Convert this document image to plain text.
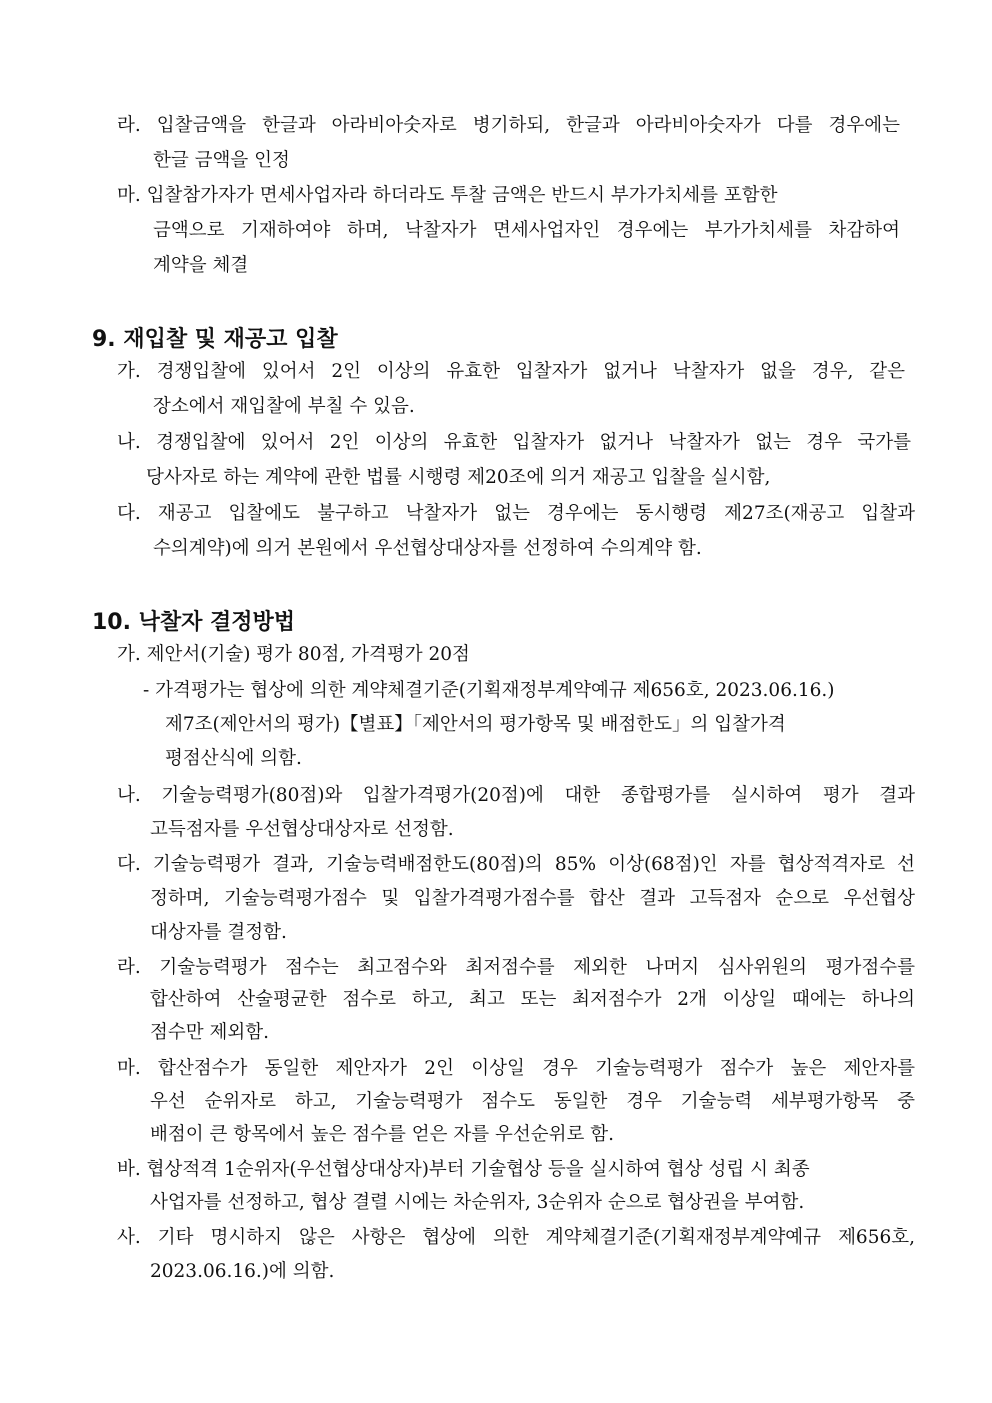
라. 입찰금액을 한글과 아라비아숫자로 병기하되, 한글과 아라비아숫자가 다를 경우에는
한글 금액을 인정
마. 입찰참가자가 면세사업자라 하더라도 투찰 금액은 반드시 부가가치세를 포함한
금액으로 기재하여야 하며, 낙찰자가 면세사업자인 경우에는 부가가치세를 차감하여
계약을 체결
9. 재입찰 및 재공고 입찰
가. 경쟁입찰에 있어서 2인 이상의 유효한 입찰자가 없거나 낙찰자가 없을 경우, 같은
장소에서 재입찰에 부칠 수 있음.
나. 경쟁입찰에 있어서 2인 이상의 유효한 입찰자가 없거나 낙찰자가 없는 경우 국가를
당사자로 하는 계약에 관한 법률 시행령 제20조에 의거 재공고 입찰을 실시함,
다. 재공고 입찰에도 불구하고 낙찰자가 없는 경우에는 동시행령 제27조(재공고 입찰과
수의계약)에 의거 본원에서 우선협상대상자를 선정하여 수의계약 함.
10. 낙찰자 결정방법
가. 제안서(기술) 평가 80점, 가격평가 20점
- 가격평가는 협상에 의한 계약체결기준(기획재정부계약예규 제656호, 2023.06.16.)
제7조(제안서의 평가)【별표】「제안서의 평가항목 및 배점한도」의 입찰가격
평점산식에 의함.
나. 기술능력평가(80점)와 입찰가격평가(20점)에 대한 종합평가를 실시하여 평가 결과
고득점자를 우선협상대상자로 선정함.
다. 기술능력평가 결과, 기술능력배점한도(80점)의 85% 이상(68점)인 자를 협상적격자로 선
정하며, 기술능력평가점수 및 입찰가격평가점수를 합산 결과 고득점자 순으로 우선협상
대상자를 결정함.
라. 기술능력평가 점수는 최고점수와 최저점수를 제외한 나머지 심사위원의 평가점수를
합산하여 산술평균한 점수로 하고, 최고 또는 최저점수가 2개 이상일 때에는 하나의
점수만 제외함.
마. 합산점수가 동일한 제안자가 2인 이상일 경우 기술능력평가 점수가 높은 제안자를
우선 순위자로 하고, 기술능력평가 점수도 동일한 경우 기술능력 세부평가항목 중
배점이 큰 항목에서 높은 점수를 얻은 자를 우선순위로 함.
바. 협상적격 1순위자(우선협상대상자)부터 기술협상 등을 실시하여 협상 성립 시 최종
사업자를 선정하고, 협상 결렬 시에는 차순위자, 3순위자 순으로 협상권을 부여함.
사. 기타 명시하지 않은 사항은 협상에 의한 계약체결기준(기획재정부계약예규 제656호,
2023.06.16.)에 의함.
